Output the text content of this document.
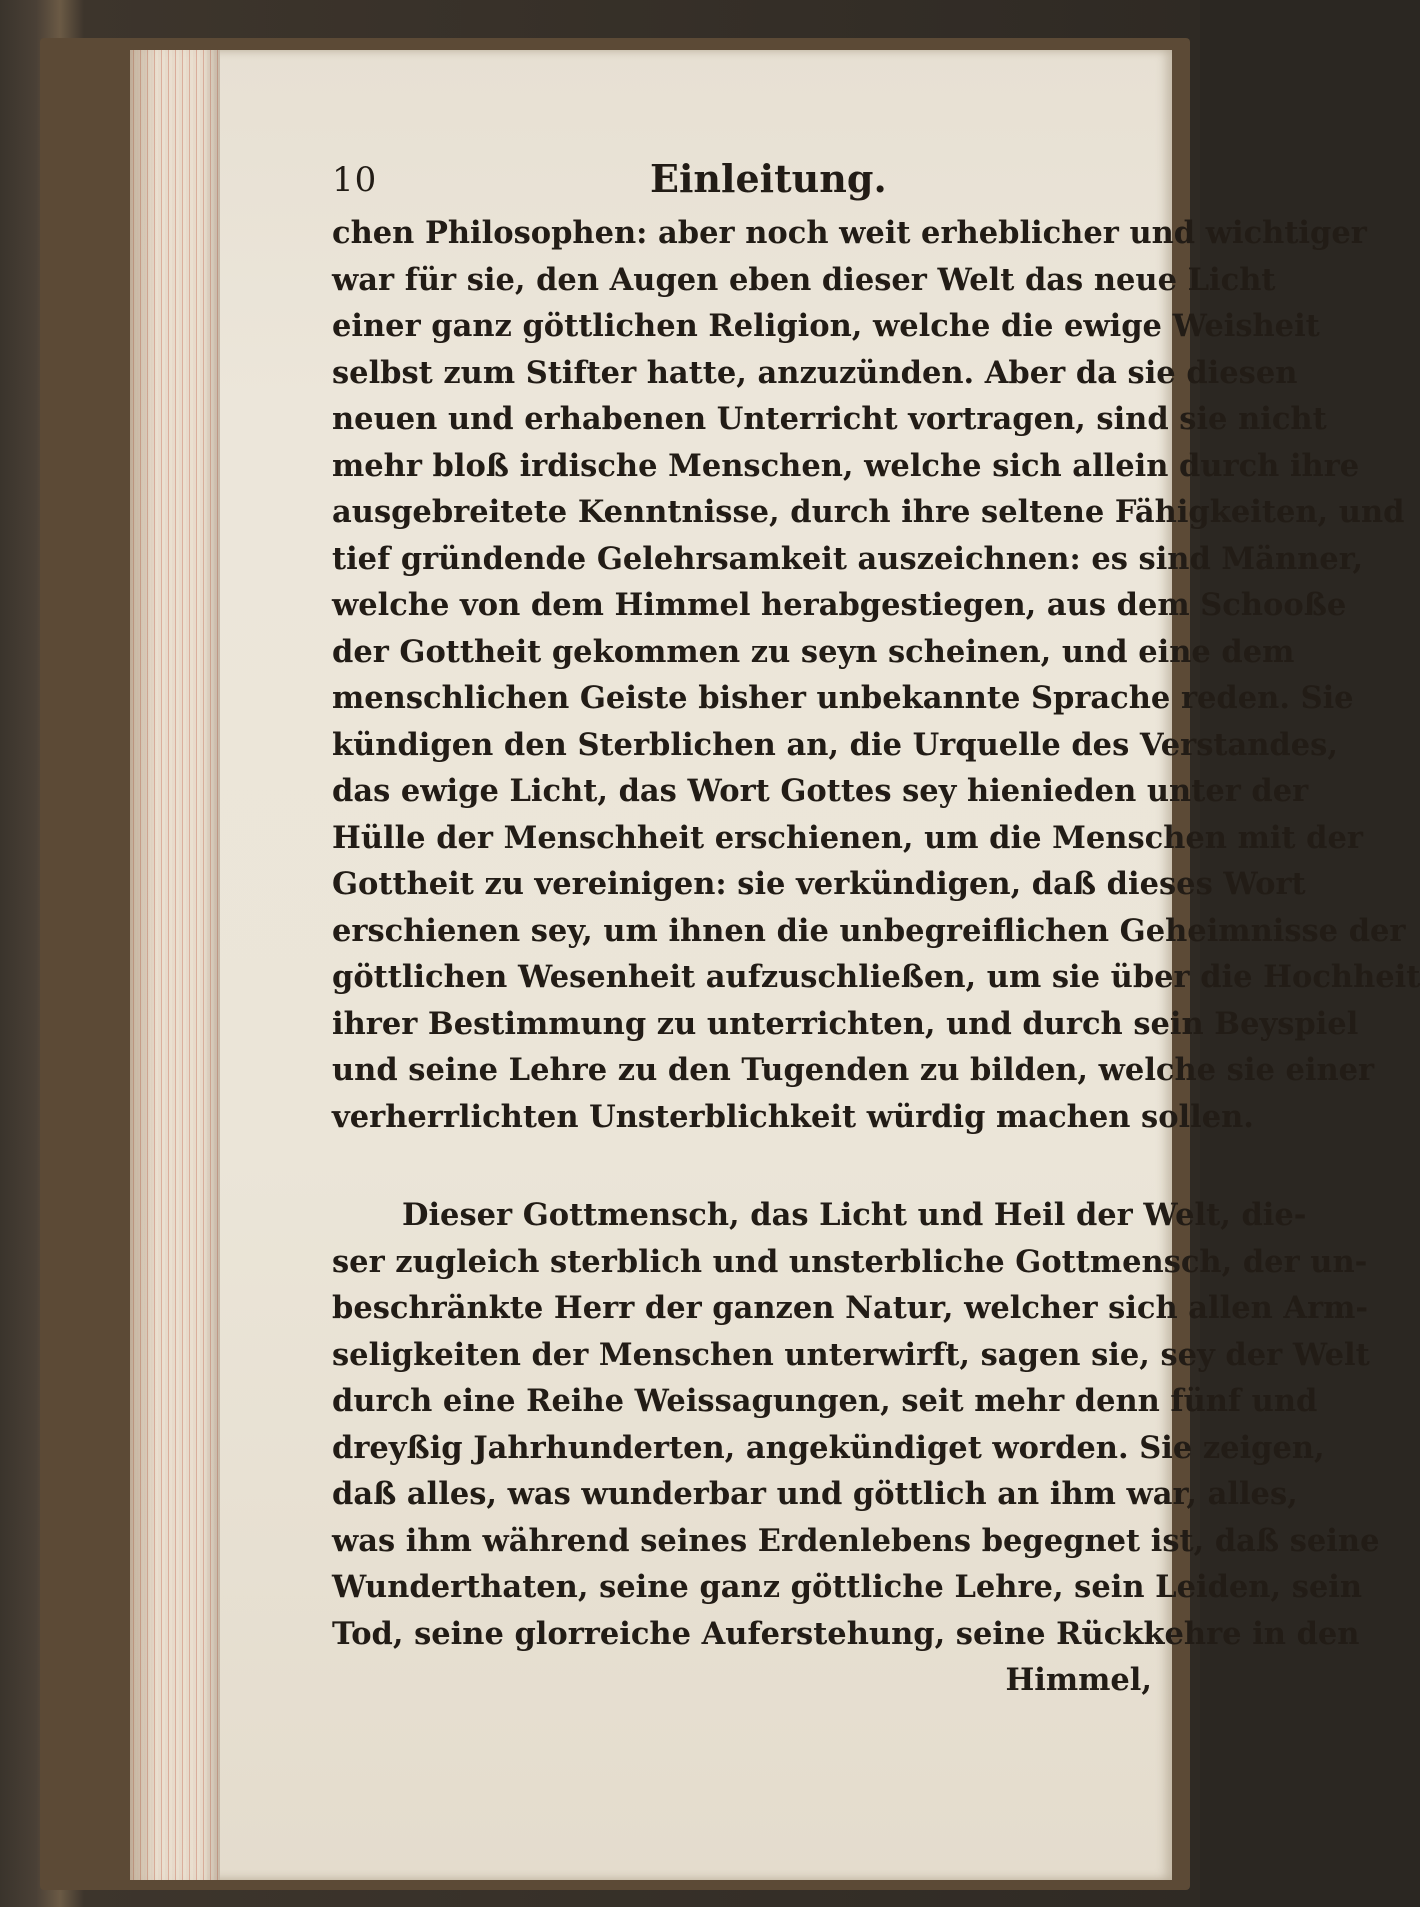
10	Einleitung.
chen Philosophen: aber noch weit erheblicher und wichtiger
war für sie, den Augen eben dieser Welt das neue Licht
einer ganz göttlichen Religion, welche die ewige Weisheit
selbst zum Stifter hatte, anzuzünden. Aber da sie diesen
neuen und erhabenen Unterricht vortragen, sind sie nicht
mehr bloß irdische Menschen, welche sich allein durch ihre
ausgebreitete Kenntnisse, durch ihre seltene Fähigkeiten, und
tief gründende Gelehrsamkeit auszeichnen: es sind Männer,
welche von dem Himmel herabgestiegen, aus dem Schooße
der Gottheit gekommen zu seyn scheinen, und eine dem
menschlichen Geiste bisher unbekannte Sprache reden. Sie
kündigen den Sterblichen an, die Urquelle des Verstandes,
das ewige Licht, das Wort Gottes sey hienieden unter der
Hülle der Menschheit erschienen, um die Menschen mit der
Gottheit zu vereinigen: sie verkündigen, daß dieses Wort
erschienen sey, um ihnen die unbegreiflichen Geheimnisse der
göttlichen Wesenheit aufzuschließen, um sie über die Hochheit
ihrer Bestimmung zu unterrichten, und durch sein Beyspiel
und seine Lehre zu den Tugenden zu bilden, welche sie einer
verherrlichten Unsterblichkeit würdig machen sollen.
Dieser Gottmensch, das Licht und Heil der Welt, die-
ser zugleich sterblich und unsterbliche Gottmensch, der un-
beschränkte Herr der ganzen Natur, welcher sich allen Arm-
seligkeiten der Menschen unterwirft, sagen sie, sey der Welt
durch eine Reihe Weissagungen, seit mehr denn fünf und
dreyßig Jahrhunderten, angekündiget worden. Sie zeigen,
daß alles, was wunderbar und göttlich an ihm war, alles,
was ihm während seines Erdenlebens begegnet ist, daß seine
Wunderthaten, seine ganz göttliche Lehre, sein Leiden, sein
Tod, seine glorreiche Auferstehung, seine Rückkehre in den
Himmel,
